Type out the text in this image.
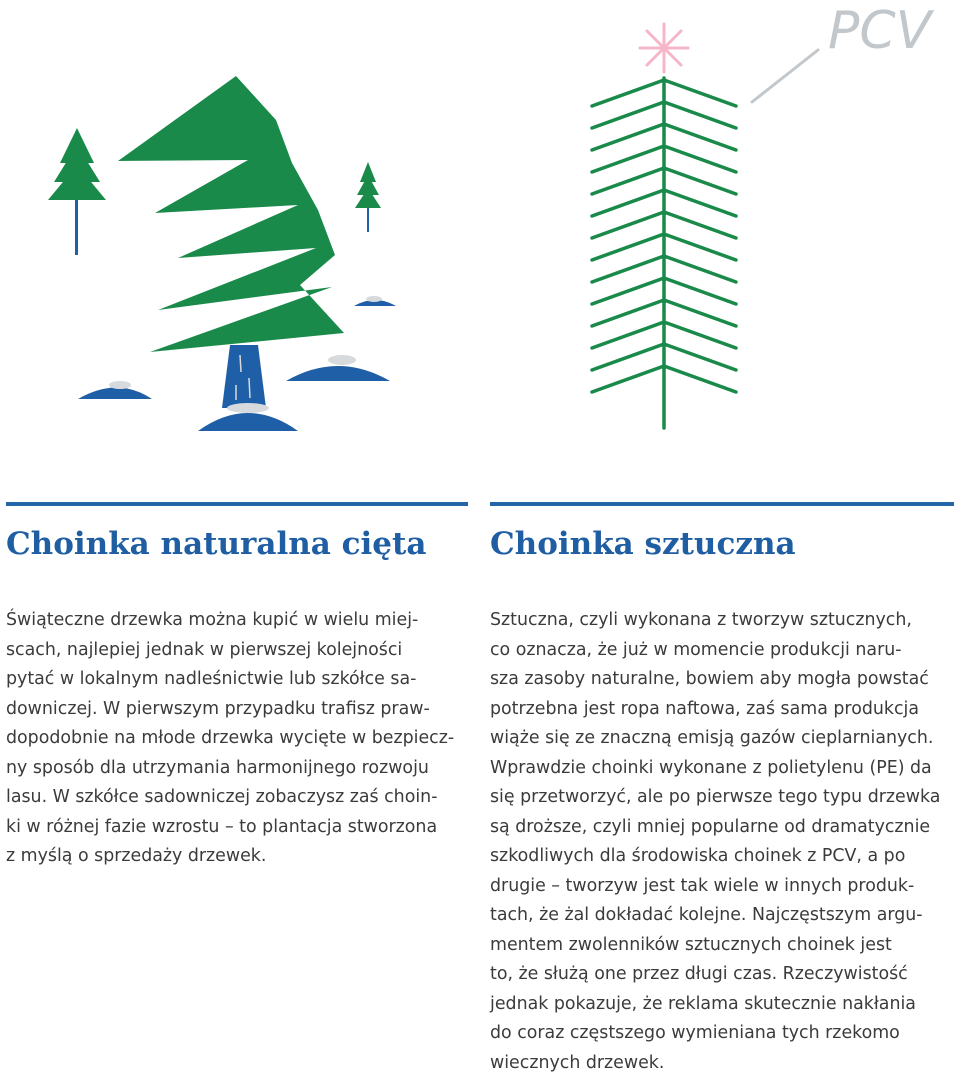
PCV
Choinka naturalna cięta Choinka sztuczna

Świąteczne drzewka można kupić w wielu miej-
scach, najlepiej jednak w pierwszej kolejności
pytać w lokalnym nadleśnictwie lub szkółce sa-
downiczej. W pierwszym przypadku trafisz praw-
dopodobnie na młode drzewka wycięte w bezpiecz-
ny sposób dla utrzymania harmonijnego rozwoju
lasu. W szkółce sadowniczej zobaczysz zaś choin-
ki w różnej fazie wzrostu – to plantacja stworzona
z myślą o sprzedaży drzewek.

Sztuczna, czyli wykonana z tworzyw sztucznych,
co oznacza, że już w momencie produkcji naru-
sza zasoby naturalne, bowiem aby mogła powstać
potrzebna jest ropa naftowa, zaś sama produkcja
wiąże się ze znaczną emisją gazów cieplarnianych.
Wprawdzie choinki wykonane z polietylenu (PE) da
się przetworzyć, ale po pierwsze tego typu drzewka
są droższe, czyli mniej popularne od dramatycznie
szkodliwych dla środowiska choinek z PCV, a po
drugie – tworzyw jest tak wiele w innych produk-
tach, że żal dokładać kolejne. Najczęstszym argu-
mentem zwolenników sztucznych choinek jest
to, że służą one przez długi czas. Rzeczywistość
jednak pokazuje, że reklama skutecznie nakłania
do coraz częstszego wymieniana tych rzekomo
wiecznych drzewek.
